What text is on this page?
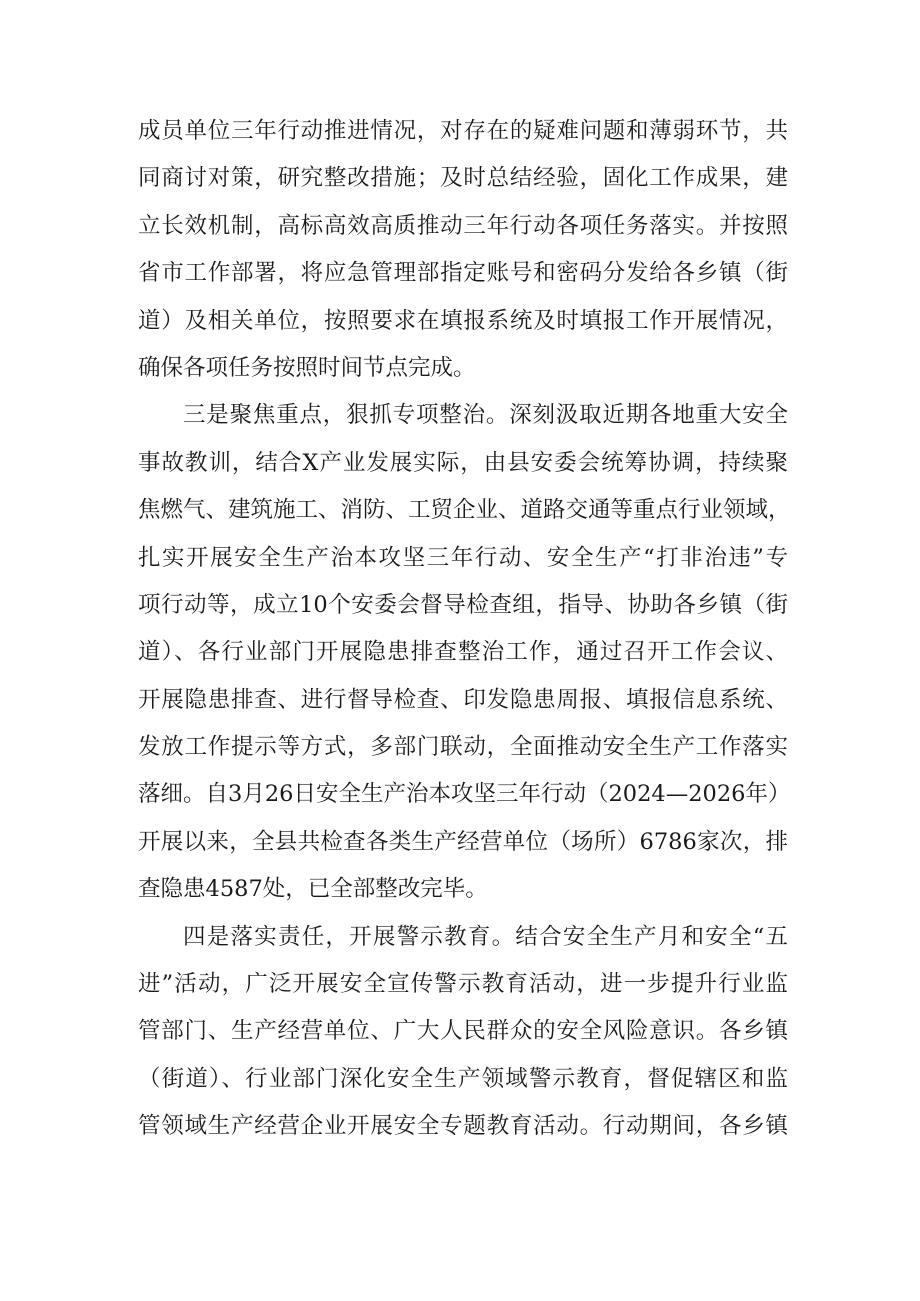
成员单位三年行动推进情况，对存在的疑难问题和薄弱环节，共
同商讨对策，研究整改措施；及时总结经验，固化工作成果，建
立长效机制，高标高效高质推动三年行动各项任务落实。并按照
省市工作部署，将应急管理部指定账号和密码分发给各乡镇（街
道）及相关单位，按照要求在填报系统及时填报工作开展情况，
确保各项任务按照时间节点完成。
三是聚焦重点，狠抓专项整治。深刻汲取近期各地重大安全
事故教训，结合X产业发展实际，由县安委会统筹协调，持续聚
焦燃气、建筑施工、消防、工贸企业、道路交通等重点行业领域，
扎实开展安全生产治本攻坚三年行动、安全生产“打非治违”专
项行动等，成立10个安委会督导检查组，指导、协助各乡镇（街
道）、各行业部门开展隐患排查整治工作，通过召开工作会议、
开展隐患排查、进行督导检查、印发隐患周报、填报信息系统、
发放工作提示等方式，多部门联动，全面推动安全生产工作落实
落细。自3月26日安全生产治本攻坚三年行动（2024—2026年）
开展以来，全县共检查各类生产经营单位（场所）6786家次，排
查隐患4587处，已全部整改完毕。
四是落实责任，开展警示教育。结合安全生产月和安全“五
进”活动，广泛开展安全宣传警示教育活动，进一步提升行业监
管部门、生产经营单位、广大人民群众的安全风险意识。各乡镇
（街道）、行业部门深化安全生产领域警示教育，督促辖区和监
管领域生产经营企业开展安全专题教育活动。行动期间，各乡镇
